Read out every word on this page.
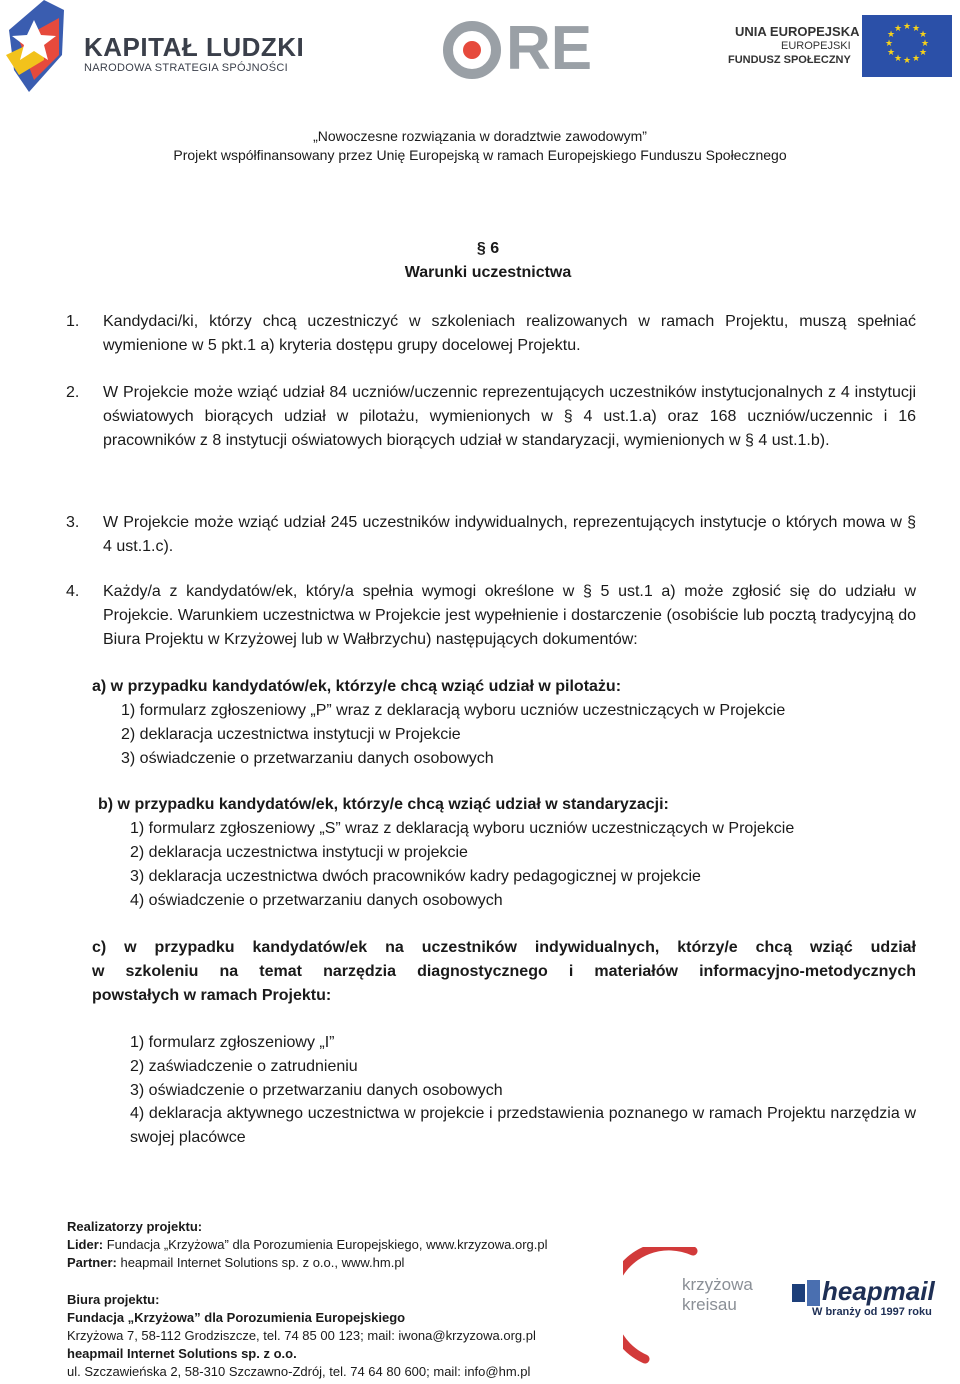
KAPITAŁ LUDZKI
NARODOWA STRATEGIA SPÓJNOŚCI	RE	UNIA EUROPEJSKA
EUROPEJSKI
FUNDUSZ SPOŁECZNY
★ ★
★
★
★
★
★
★
★
★
★
★
„Nowoczesne rozwiązania w doradztwie zawodowym”
Projekt współfinansowany przez Unię Europejską w ramach Europejskiego Funduszu Społecznego
§ 6
Warunki uczestnictwa
1. Kandydaci/ki, którzy chcą uczestniczyć w szkoleniach realizowanych w ramach Projektu, muszą spełniać wymienione w 5 pkt.1 a) kryteria dostępu grupy docelowej Projektu.
2. W Projekcie może wziąć udział 84 uczniów/uczennic reprezentujących uczestników instytucjonalnych z 4 instytucji oświatowych biorących udział w pilotażu, wymienionych w § 4 ust.1.a) oraz 168 uczniów/uczennic i 16 pracowników z 8 instytucji oświatowych biorących udział w standaryzacji, wymienionych w § 4 ust.1.b).
3. W Projekcie może wziąć udział 245 uczestników indywidualnych, reprezentujących instytucje o których mowa w § 4 ust.1.c).
4. Każdy/a z kandydatów/ek, który/a spełnia wymogi określone w § 5 ust.1 a) może zgłosić się do udziału w Projekcie. Warunkiem uczestnictwa w Projekcie jest wypełnienie i dostarczenie (osobiście lub pocztą tradycyjną do Biura Projektu w Krzyżowej lub w Wałbrzychu) następujących dokumentów:
a) w przypadku kandydatów/ek, którzy/e chcą wziąć udział w pilotażu:
1) formularz zgłoszeniowy „P” wraz z deklaracją wyboru uczniów uczestniczących w Projekcie
2) deklaracja uczestnictwa instytucji w Projekcie
3) oświadczenie o przetwarzaniu danych osobowych
b) w przypadku kandydatów/ek, którzy/e chcą wziąć udział w standaryzacji:
1) formularz zgłoszeniowy „S” wraz z deklaracją wyboru uczniów uczestniczących w Projekcie
2) deklaracja uczestnictwa instytucji w projekcie
3) deklaracja uczestnictwa dwóch pracowników kadry pedagogicznej w projekcie
4) oświadczenie o przetwarzaniu danych osobowych
c) w przypadku kandydatów/ek na uczestników indywidualnych, którzy/e chcą wziąć udział
w szkoleniu na temat narzędzia diagnostycznego i materiałów informacyjno-metodycznych
powstałych w ramach Projektu:
1) formularz zgłoszeniowy „I”
2) zaświadczenie o zatrudnieniu
3) oświadczenie o przetwarzaniu danych osobowych
4) deklaracja aktywnego uczestnictwa w projekcie i przedstawienia poznanego w ramach Projektu narzędzia w swojej placówce
Realizatorzy projektu:
Lider: Fundacja „Krzyżowa” dla Porozumienia Europejskiego, www.krzyzowa.org.pl
Partner: heapmail Internet Solutions sp. z o.o., www.hm.pl
Biura projektu:
Fundacja „Krzyżowa” dla Porozumienia Europejskiego
Krzyżowa 7, 58-112 Grodziszcze, tel. 74 85 00 123; mail: iwona@krzyzowa.org.pl
heapmail Internet Solutions sp. z o.o.
ul. Szczawieńska 2, 58-310 Szczawno-Zdrój, tel. 74 64 80 600; mail: info@hm.pl
krzyżowa
kreisau	heapmail
W branży od 1997 roku
